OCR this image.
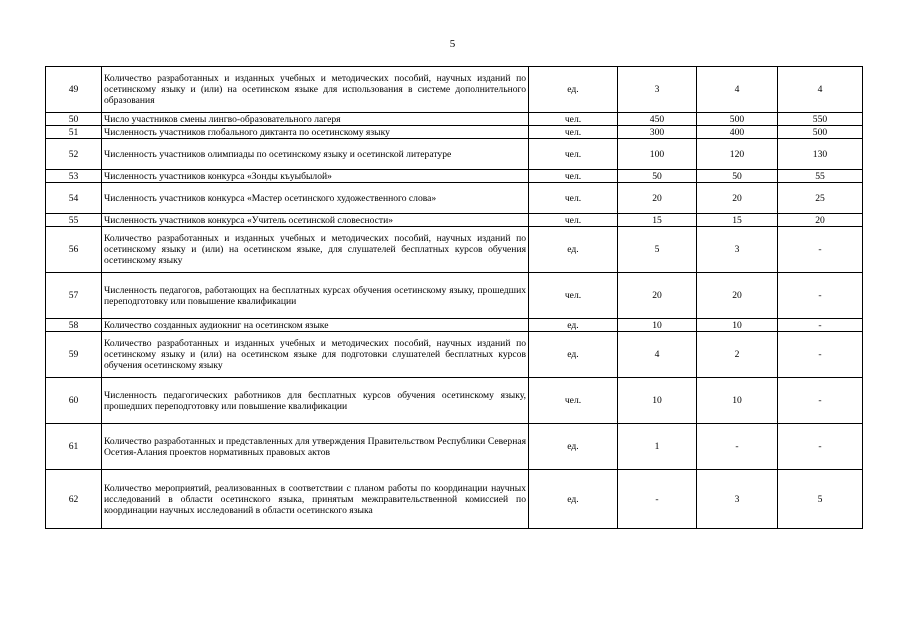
5
49	Количество разработанных и изданных учебных и методических пособий, научных изданий по осетинскому языку и (или) на осетинском языке для использования в системе дополнительного образования	ед.	3	4	4
50	Число участников смены лингво-образовательного лагеря	чел.	450	500	550
51	Численность участников глобального диктанта по осетинскому языку	чел.	300	400	500
52	Численность участников олимпиады по осетинскому языку и осетинской литературе	чел.	100	120	130
53	Численность участников конкурса «Зонды къуыбылой»	чел.	50	50	55
54	Численность участников конкурса «Мастер осетинского художественного слова»	чел.	20	20	25
55	Численность участников конкурса «Учитель осетинской словесности»	чел.	15	15	20
56	Количество разработанных и изданных учебных и методических пособий, научных изданий по осетинскому языку и (или) на осетинском языке, для слушателей бесплатных курсов обучения осетинскому языку	ед.	5	3	-
57	Численность педагогов, работающих на бесплатных курсах обучения осетинскому языку, прошедших переподготовку или повышение квалификации	чел.	20	20	-
58	Количество созданных аудиокниг на осетинском языке	ед.	10	10	-
59	Количество разработанных и изданных учебных и методических пособий, научных изданий по осетинскому языку и (или) на осетинском языке для подготовки слушателей бесплатных курсов обучения осетинскому языку	ед.	4	2	-
60	Численность педагогических работников для бесплатных курсов обучения осетинскому языку, прошедших переподготовку или повышение квалификации	чел.	10	10	-
61	Количество разработанных и представленных для утверждения Правительством Республики Северная Осетия-Алания проектов нормативных правовых актов	ед.	1	-	-
62	Количество мероприятий, реализованных в соответствии с планом работы по координации научных исследований в области осетинского языка, принятым межправительственной комиссией по координации научных исследований в области осетинского языка	ед.	-	3	5
